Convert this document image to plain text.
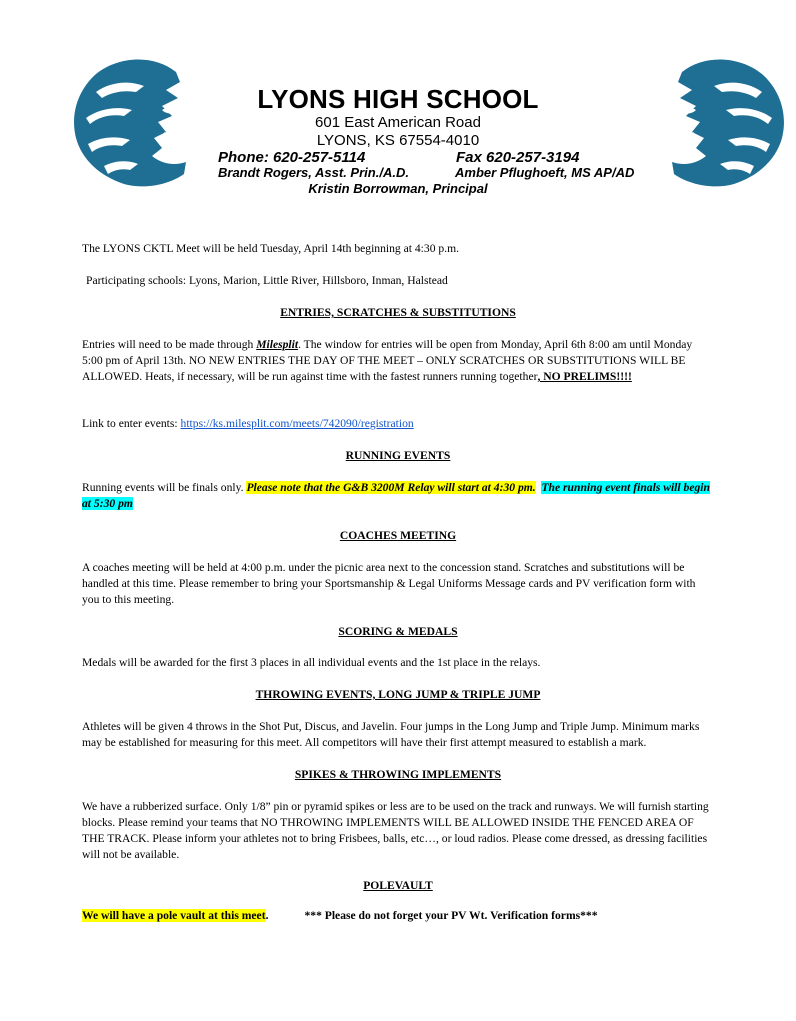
LYONS HIGH SCHOOL
601 East American Road
LYONS, KS 67554-4010
Phone: 620-257-5114	Fax 620-257-3194
Brandt Rogers, Asst. Prin./A.D.	Amber Pflughoeft, MS AP/AD
Kristin Borrowman, Principal
The LYONS CKTL Meet will be held Tuesday, April 14th beginning at 4:30 p.m.
Participating schools: Lyons, Marion, Little River, Hillsboro, Inman, Halstead
ENTRIES, SCRATCHES & SUBSTITUTIONS
Entries will need to be made through Milesplit. The window for entries will be open from Monday, April 6th 8:00 am until Monday 5:00 pm of April 13th. NO NEW ENTRIES THE DAY OF THE MEET – ONLY SCRATCHES OR SUBSTITUTIONS WILL BE ALLOWED. Heats, if necessary, will be run against time with the fastest runners running together, NO PRELIMS!!!!
Link to enter events: https://ks.milesplit.com/meets/742090/registration
RUNNING EVENTS
Running events will be finals only. Please note that the G&B 3200M Relay will start at 4:30 pm. The running event finals will begin at 5:30 pm
COACHES MEETING
A coaches meeting will be held at 4:00 p.m. under the picnic area next to the concession stand. Scratches and substitutions will be handled at this time. Please remember to bring your Sportsmanship & Legal Uniforms Message cards and PV verification form with you to this meeting.
SCORING & MEDALS
Medals will be awarded for the first 3 places in all individual events and the 1st place in the relays.
THROWING EVENTS, LONG JUMP & TRIPLE JUMP
Athletes will be given 4 throws in the Shot Put, Discus, and Javelin. Four jumps in the Long Jump and Triple Jump. Minimum marks may be established for measuring for this meet. All competitors will have their first attempt measured to establish a mark.
SPIKES & THROWING IMPLEMENTS
We have a rubberized surface. Only 1/8” pin or pyramid spikes or less are to be used on the track and runways. We will furnish starting blocks. Please remind your teams that NO THROWING IMPLEMENTS WILL BE ALLOWED INSIDE THE FENCED AREA OF THE TRACK. Please inform your athletes not to bring Frisbees, balls, etc…, or loud radios. Please come dressed, as dressing facilities will not be available.
POLEVAULT
We will have a pole vault at this meet.	*** Please do not forget your PV Wt. Verification forms***
